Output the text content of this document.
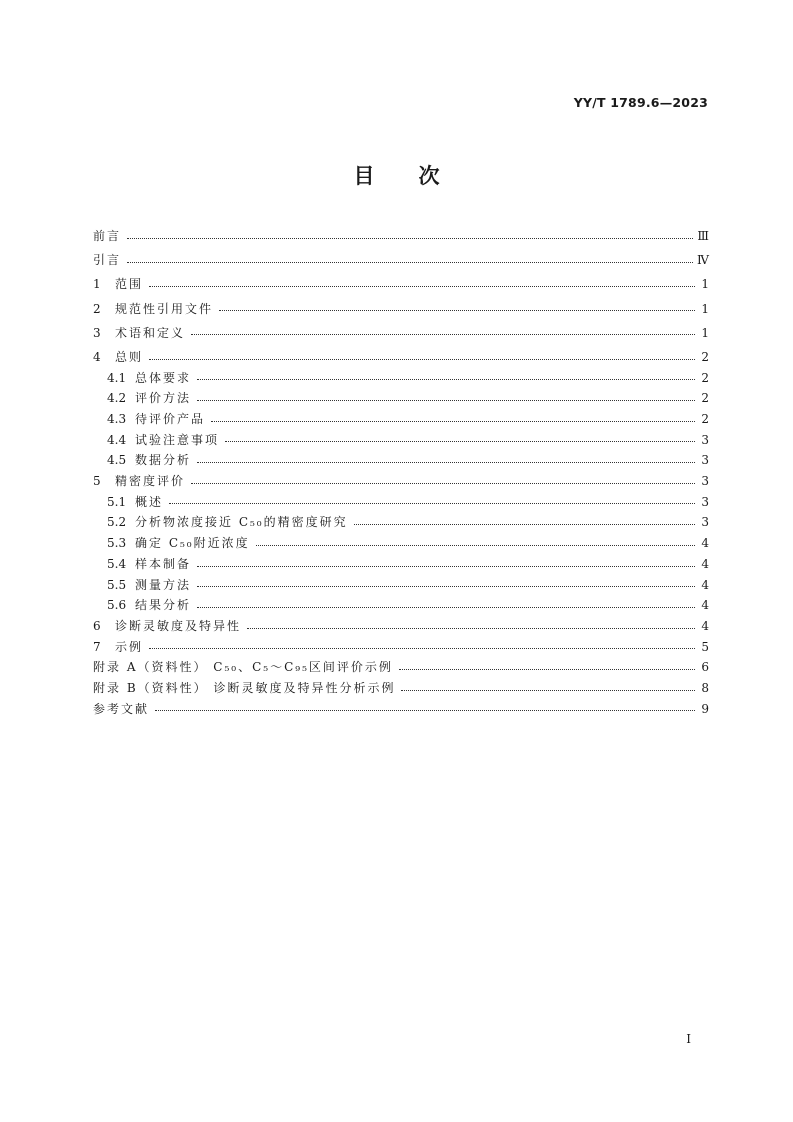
YY/T 1789.6—2023
目次
前言	Ⅲ
引言	Ⅳ
1	范围	1
2	规范性引用文件	1
3	术语和定义	1
4	总则	2
4.1 总体要求	2
4.2 评价方法	2
4.3 待评价产品	2
4.4 试验注意事项	3
4.5 数据分析	3
5	精密度评价	3
5.1 概述	3
5.2 分析物浓度接近 C₅₀的精密度研究	3
5.3 确定 C₅₀附近浓度	4
5.4 样本制备	4
5.5 测量方法	4
5.6 结果分析	4
6	诊断灵敏度及特异性	4
7	示例	5
附录 A（资料性） C₅₀、C₅～C₉₅区间评价示例	6
附录 B（资料性） 诊断灵敏度及特异性分析示例	8
参考文献	9
I
